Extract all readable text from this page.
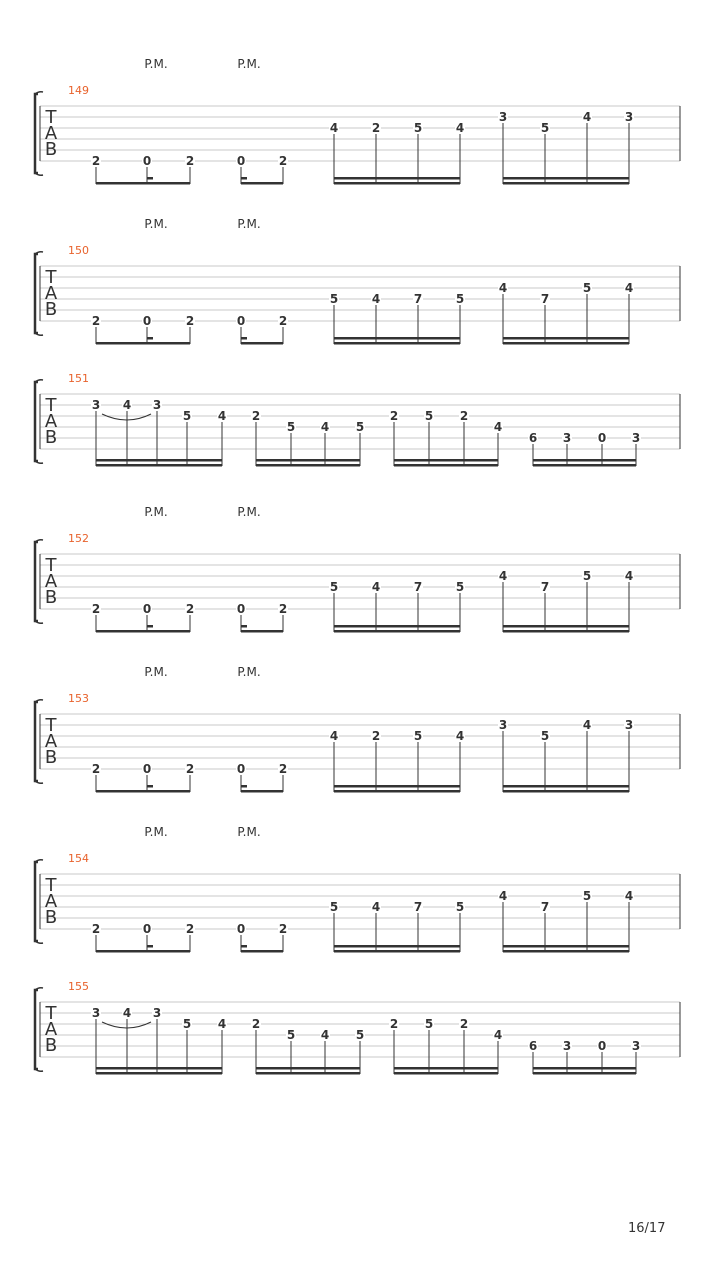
P.M.	P.M.
149
T
A
B
2	0	2	0	2
4	2	5	4
3
5
4	3
P.M.	P.M.
150
T
A
B
2	0	2	0	2
5	4	7	5
4
7
5	4
151
T
A
B
3 4 3
5 4 2
5 4 5
2 5 2
4
6 3 0 3
P.M.	P.M.
152
T
A
B
2	0	2	0	2
5	4	7	5
4
7
5	4
P.M.	P.M.
153
T
A
B
2	0	2	0	2
4	2	5	4
3
5
4	3
P.M.	P.M.
154
T
A
B
2	0	2	0	2
5	4	7	5
4
7
5	4
155
T
A
B
3 4 3
5 4 2
5 4 5
2 5 2
4
6 3 0 3
16/17
